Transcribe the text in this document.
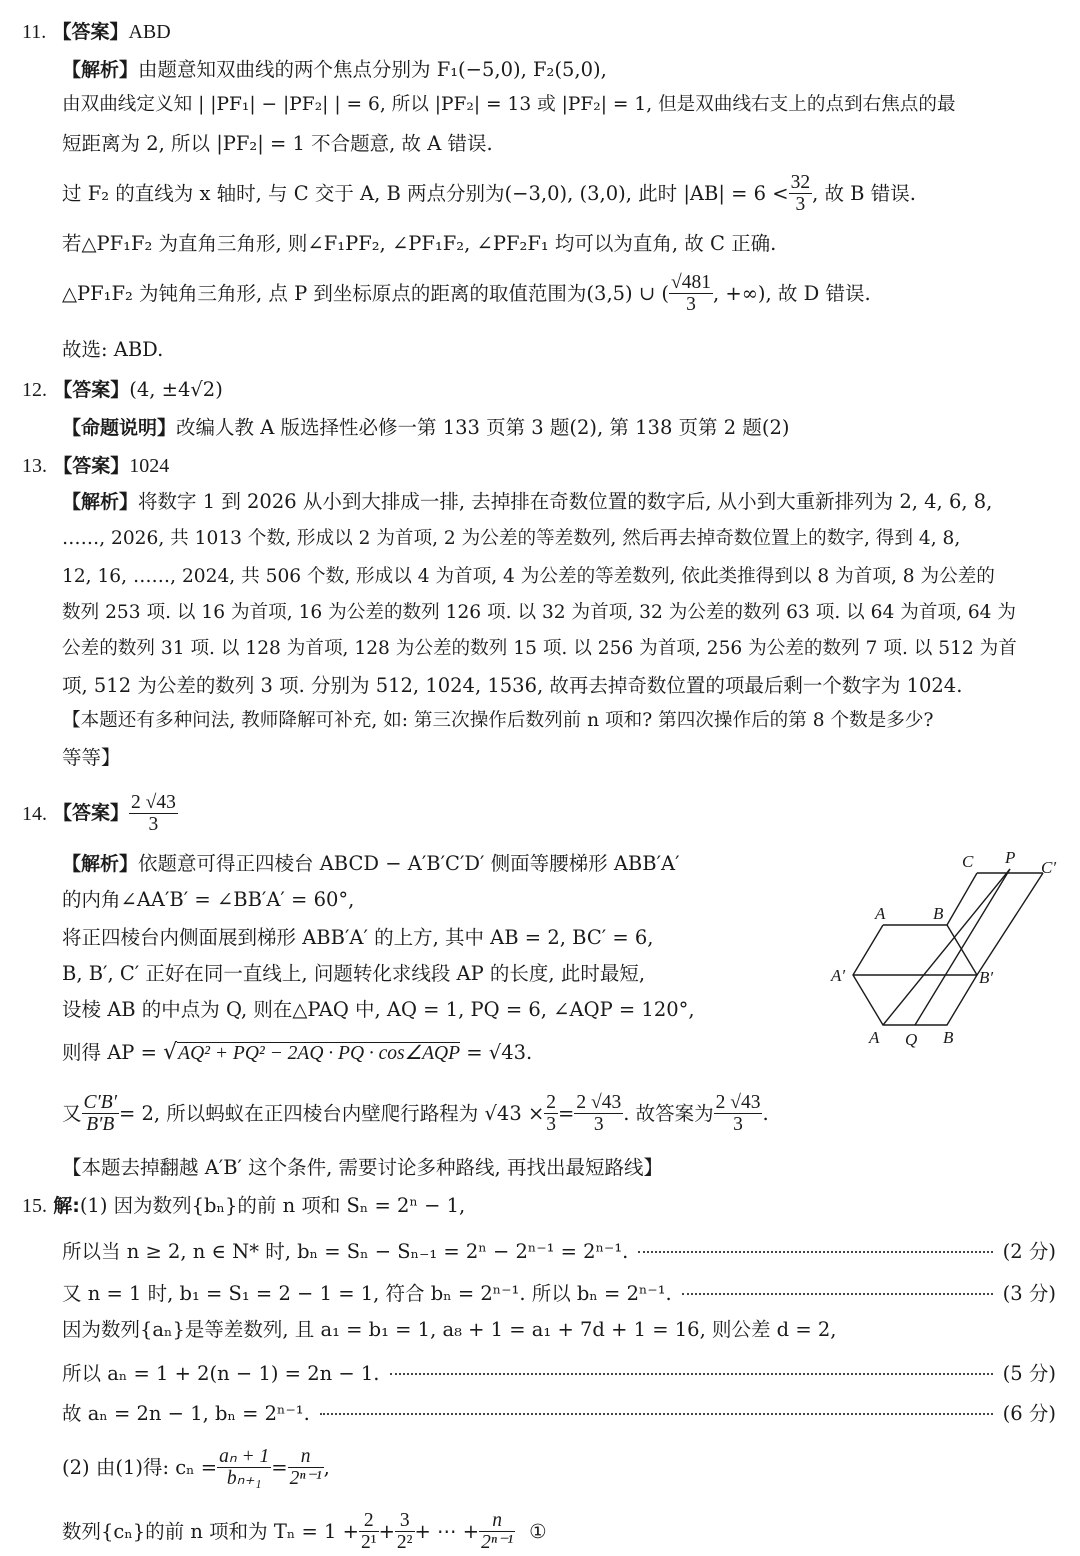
11. 【答案】ABD
【解析】由题意知双曲线的两个焦点分别为 F₁(−5,0), F₂(5,0),
由双曲线定义知 | |PF₁| − |PF₂| | = 6, 所以 |PF₂| = 13 或 |PF₂| = 1, 但是双曲线右支上的点到右焦点的最
短距离为 2, 所以 |PF₂| = 1 不合题意, 故 A 错误.
过 F₂ 的直线为 x 轴时, 与 C 交于 A, B 两点分别为(−3,0), (3,0), 此时 $|AB| = 6 < \frac{32}{3}$ , 故 B 错误.
若△PF₁F₂ 为直角三角形, 则∠F₁PF₂, ∠PF₁F₂, ∠PF₂F₁ 均可以为直角, 故 C 正确.
△PF₁F₂ 为钝角三角形, 点 P 到坐标原点的距离的取值范围为(3,5) ∪ ( $\frac{√481}{3}$ , +∞), 故 D 错误.
故选: ABD.
12. 【答案】(4, ±4√2)
【命题说明】改编人教 A 版选择性必修一第 133 页第 3 题(2), 第 138 页第 2 题(2)
13. 【答案】1024
【解析】将数字 1 到 2026 从小到大排成一排, 去掉排在奇数位置的数字后, 从小到大重新排列为 2, 4, 6, 8,
……, 2026, 共 1013 个数, 形成以 2 为首项, 2 为公差的等差数列, 然后再去掉奇数位置上的数字, 得到 4, 8,
12, 16, ……, 2024, 共 506 个数, 形成以 4 为首项, 4 为公差的等差数列, 依此类推得到以 8 为首项, 8 为公差的
数列 253 项. 以 16 为首项, 16 为公差的数列 126 项. 以 32 为首项, 32 为公差的数列 63 项. 以 64 为首项, 64 为
公差的数列 31 项. 以 128 为首项, 128 为公差的数列 15 项. 以 256 为首项, 256 为公差的数列 7 项. 以 512 为首
项, 512 为公差的数列 3 项. 分别为 512, 1024, 1536, 故再去掉奇数位置的项最后剩一个数字为 1024.
【本题还有多种问法, 教师降解可补充, 如: 第三次操作后数列前 n 项和? 第四次操作后的第 8 个数是多少?
等等】
14. 【答案】 $\frac{2 √43}{3}$
【解析】依题意可得正四棱台 ABCD − A′B′C′D′ 侧面等腰梯形 ABB′A′
的内角∠AA′B′ = ∠BB′A′ = 60°,
将正四棱台内侧面展到梯形 ABB′A′ 的上方, 其中 AB = 2, BC′ = 6,
B, B′, C′ 正好在同一直线上, 问题转化求线段 AP 的长度, 此时最短,
设棱 AB 的中点为 Q, 则在△PAQ 中, AQ = 1, PQ = 6, ∠AQP = 120°,
则得 AP = √AQ² + PQ² − 2AQ · PQ · cos∠AQP = √43.
又 $\frac{C'B'}{B'B} = 2$, 所以蚂蚁在正四棱台内壁爬行路程为 $√43 \times \frac{2}{3} = \frac{2 √43}{3}$ . 故答案为 $\frac{2 √43}{3}$ .
【本题去掉翻越 A′B′ 这个条件, 需要讨论多种路线, 再找出最短路线】
C P
C′
A	B
A′	B′
A Q B
15. 解:(1) 因为数列{bₙ}的前 n 项和 Sₙ = 2ⁿ − 1,
所以当 n ≥ 2, n ∈ N* 时, bₙ = Sₙ − Sₙ₋₁ = 2ⁿ − 2ⁿ⁻¹ = 2ⁿ⁻¹.	(2 分)
又 n = 1 时, b₁ = S₁ = 2 − 1 = 1, 符合 bₙ = 2ⁿ⁻¹. 所以 bₙ = 2ⁿ⁻¹.	(3 分)
因为数列{aₙ}是等差数列, 且 a₁ = b₁ = 1, a₈ + 1 = a₁ + 7d + 1 = 16, 则公差 d = 2,
所以 aₙ = 1 + 2(n − 1) = 2n − 1.	(5 分)
故 aₙ = 2n − 1, bₙ = 2ⁿ⁻¹.	(6 分)
(2) 由(1)得: $c_n = \frac{\text{aₙ + 1}}{\text{bₙ₊₁}} = \frac{n}{\text{2ⁿ⁻¹}}$ ,
数列{cₙ}的前 n 项和为 $T_n = 1 + \frac{2}{\text{2¹}} + \frac{3}{\text{2²}}$ + ⋯ + $\frac{n}{\text{2ⁿ⁻¹}}$ ①
